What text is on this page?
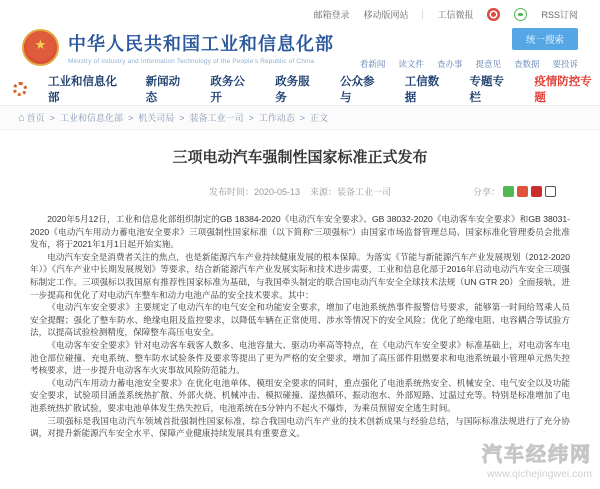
邮箱登录 移动版网站	工信微报	RSS订阅
★
中华人民共和国工业和信息化部
Ministry of Industry and Information Technology of the People's Republic of China
统一搜索
看新闻 读文件 查办事 提意见 查数据 要投诉
工业和信息化部
新闻动态
政务公开
政务服务
公众参与
工信数据
专题专栏
疫情防控专题
⌂ 首页 > 工业和信息化部 > 机关司局 > 装备工业一司 > 工作动态 > 正文
三项电动汽车强制性国家标准正式发布
发布时间：2020-05-13 来源：装备工业一司	分享：

2020年5月12日，工业和信息化部组织制定的GB 18384-2020《电动汽车安全要求》、GB 38032-2020《电动客车安全要求》和GB 38031-2020《电动汽车用动力蓄电池安全要求》三项强制性国家标准（以下简称“三项强标”）由国家市场监督管理总局、国家标准化管理委员会批准发布，将于2021年1月1日起开始实施。

电动汽车安全是消费者关注的焦点，也是新能源汽车产业持续健康发展的根本保障。为落实《节能与新能源汽车产业发展规划（2012-2020年）》《汽车产业中长期发展规划》等要求，结合新能源汽车产业发展实际和技术进步需要，工业和信息化部于2016年启动电动汽车安全三项强标制定工作。三项强标以我国原有推荐性国家标准为基础，与我国牵头制定的联合国电动汽车安全全球技术法规（UN GTR 20）全面接轨，进一步提高和优化了对电动汽车整车和动力电池产品的安全技术要求。其中：

《电动汽车安全要求》主要规定了电动汽车的电气安全和功能安全要求，增加了电池系统热事件报警信号要求，能够第一时间给驾乘人员安全提醒；强化了整车防水、绝缘电阻及监控要求，以降低车辆在正常使用、涉水等情况下的安全风险；优化了绝缘电阻、电容耦合等试验方法，以提高试验检测精度，保障整车高压电安全。

《电动客车安全要求》针对电动客车载客人数多、电池容量大、驱动功率高等特点，在《电动汽车安全要求》标准基础上，对电动客车电池仓部位碰撞、充电系统、整车防水试验条件及要求等提出了更为严格的安全要求，增加了高压部件阻燃要求和电池系统最小管理单元热失控考核要求，进一步提升电动客车火灾事故风险防范能力。

《电动汽车用动力蓄电池安全要求》在优化电池单体、模组安全要求的同时，重点强化了电池系统热安全、机械安全、电气安全以及功能安全要求，试验项目涵盖系统热扩散、外部火烧、机械冲击、模拟碰撞、湿热循环、振动泡水、外部短路、过温过充等。特别是标准增加了电池系统热扩散试验，要求电池单体发生热失控后，电池系统在5分钟内不起火不爆炸，为乘员预留安全逃生时间。

三项强标是我国电动汽车领域首批强制性国家标准，综合我国电动汽车产业的技术创新成果与经验总结，与国际标准法规进行了充分协调，对提升新能源汽车安全水平、保障产业健康持续发展具有重要意义。

汽车经纬网
www.qichejingwei.com
